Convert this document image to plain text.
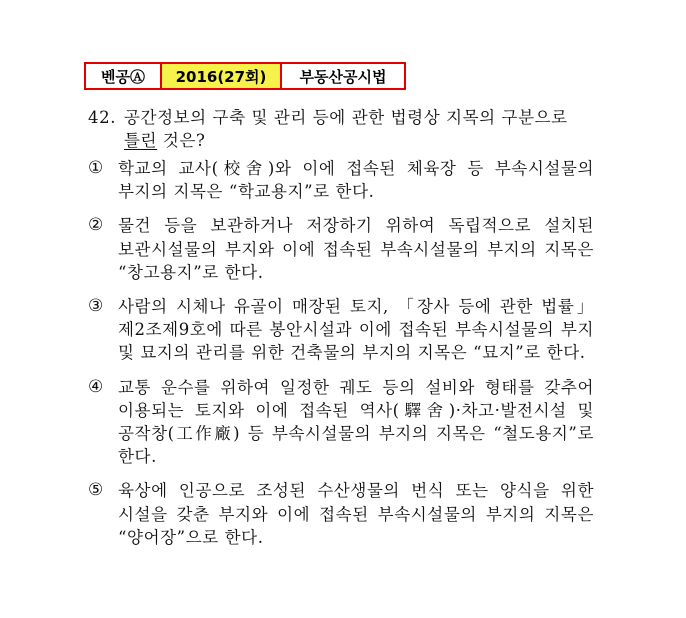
벤공Ⓐ	2016(27회)	부동산공시법
42. 공간정보의 구축 및 관리 등에 관한 법령상 지목의 구분으로 틀린 것은?
① 학교의 교사(校舍)와 이에 접속된 체육장 등 부속시설물의 부지의 지목은 “학교용지”로 한다.
② 물건 등을 보관하거나 저장하기 위하여 독립적으로 설치된 보관시설물의 부지와 이에 접속된 부속시설물의 부지의 지목은 “창고용지”로 한다.
③ 사람의 시체나 유골이 매장된 토지, 「장사 등에 관한 법률」 제2조제9호에 따른 봉안시설과 이에 접속된 부속시설물의 부지 및 묘지의 관리를 위한 건축물의 부지의 지목은 “묘지”로 한다.
④ 교통 운수를 위하여 일정한 궤도 등의 설비와 형태를 갖추어 이용되는 토지와 이에 접속된 역사(驛舍)·차고·발전시설 및 공작창(工作廠) 등 부속시설물의 부지의 지목은 “철도용지”로 한다.
⑤ 육상에 인공으로 조성된 수산생물의 번식 또는 양식을 위한 시설을 갖춘 부지와 이에 접속된 부속시설물의 부지의 지목은 “양어장”으로 한다.
